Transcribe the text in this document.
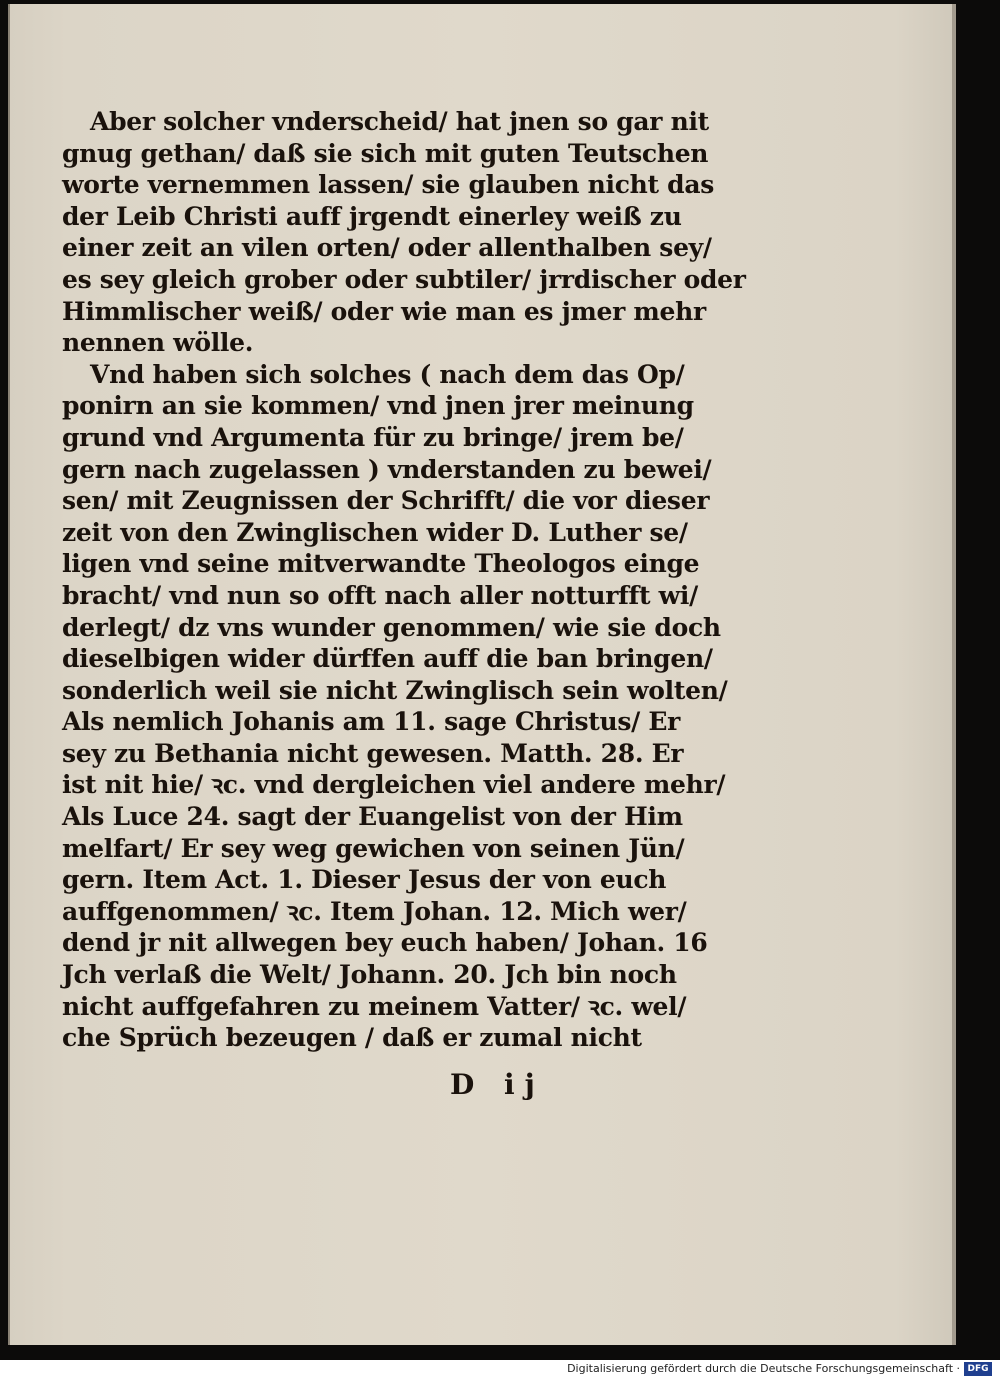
Aber solcher vnderscheid/ hat jnen so gar nit
gnug gethan/ daß sie sich mit guten Teutschen
worte vernemmen lassen/ sie glauben nicht das
der Leib Christi auff jrgendt einerley weiß zu
einer zeit an vilen orten/ oder allenthalben sey/
es sey gleich grober oder subtiler/ jrrdischer oder
Himmlischer weiß/ oder wie man es jmer mehr
nennen wölle.
Vnd haben sich solches ( nach dem das Op/
ponirn an sie kommen/ vnd jnen jrer meinung
grund vnd Argumenta für zu bringe/ jrem be/
gern nach zugelassen ) vnderstanden zu bewei/
sen/ mit Zeugnissen der Schrifft/ die vor dieser
zeit von den Zwinglischen wider D. Luther se/
ligen vnd seine mitverwandte Theologos einge
bracht/ vnd nun so offt nach aller notturfft wi/
derlegt/ dz vns wunder genommen/ wie sie doch
dieselbigen wider dürffen auff die ban bringen/
sonderlich weil sie nicht Zwinglisch sein wolten/
Als nemlich Johanis am 11. sage Christus/ Er
sey zu Bethania nicht gewesen. Matth. 28. Er
ist nit hie/ ꝛc. vnd dergleichen viel andere mehr/
Als Luce 24. sagt der Euangelist von der Him
melfart/ Er sey weg gewichen von seinen Jün/
gern. Item Act. 1. Dieser Jesus der von euch
auffgenommen/ ꝛc. Item Johan. 12. Mich wer/
dend jr nit allwegen bey euch haben/ Johan. 16
Jch verlaß die Welt/ Johann. 20. Jch bin noch
nicht auffgefahren zu meinem Vatter/ ꝛc. wel/
che Sprüch bezeugen / daß er zumal nicht
D ij
Digitalisierung gefördert durch die Deutsche Forschungsgemeinschaft · DFG
